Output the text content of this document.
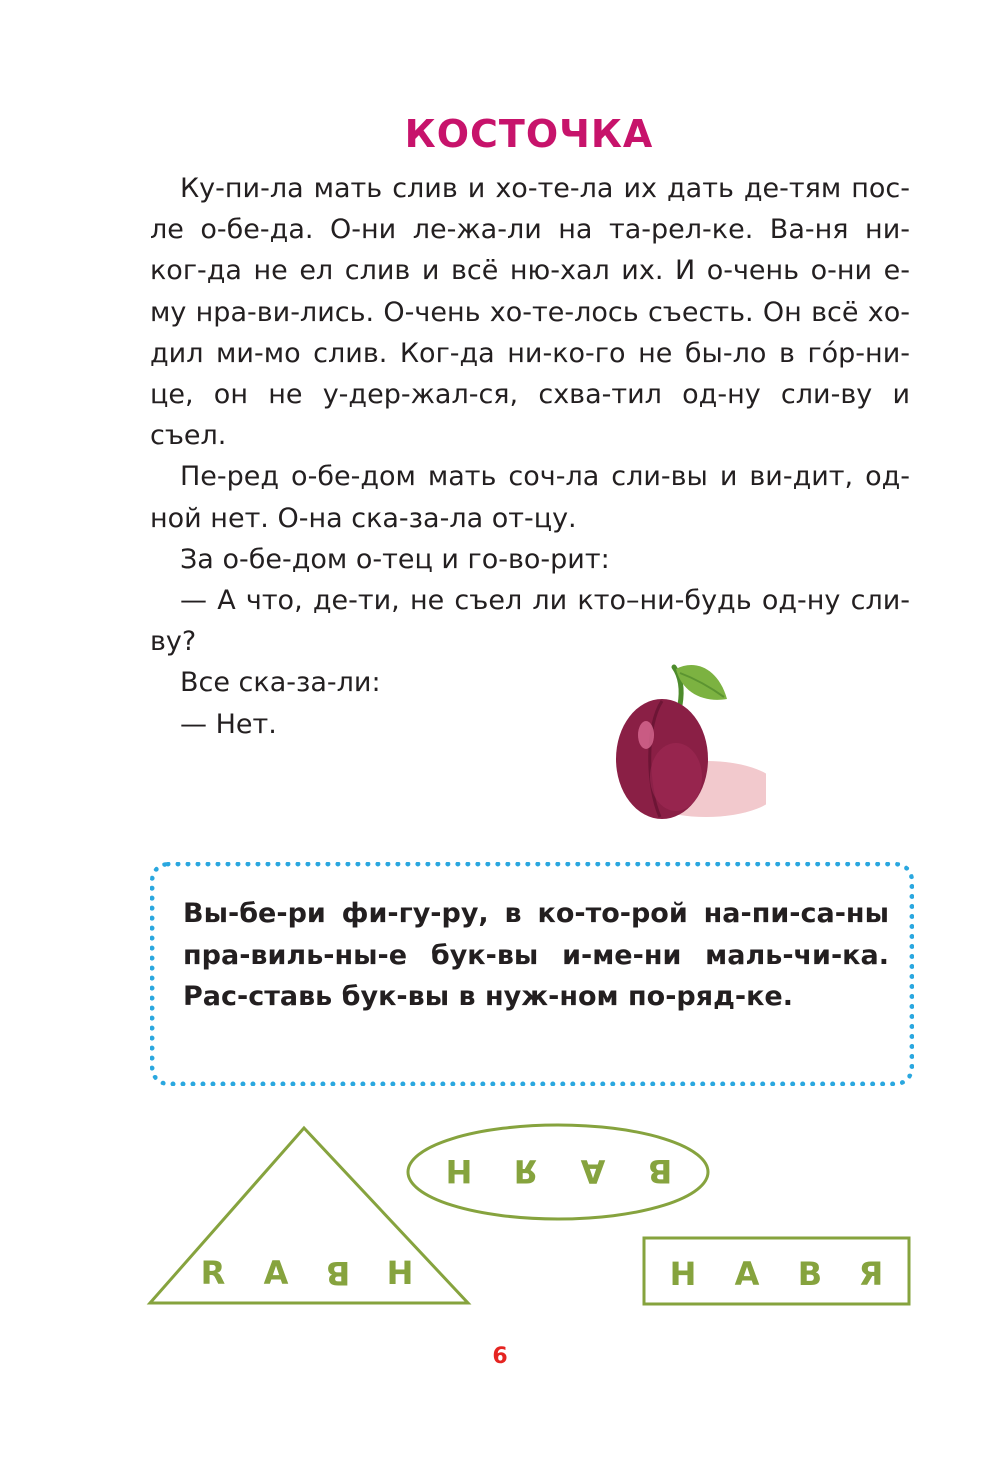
КОСТОЧКА

Ку-пи-ла мать слив и хо-те-ла их дать де-тям пос-ле о-бе-да. О-ни ле-жа-ли на та-рел-ке. Ва-ня ни-ког-да не ел слив и всё ню-хал их. И о-чень о-ни е-му нра-ви-лись. О-чень хо-те-лось съесть. Он всё хо-дил ми-мо слив. Ког-да ни-ко-го не бы-ло в го́р-ни-це, он не у-дер-жал-ся, схва-тил од-ну сли-ву и съел.

Пе-ред о-бе-дом мать соч-ла сли-вы и ви-дит, од-ной нет. О-на ска-за-ла от-цу.

За о-бе-дом о-тец и го-во-рит:

— А что, де-ти, не съел ли кто–ни-будь од-ну сли-ву?

Все ска-за-ли:

— Нет.

Вы-бе-ри фи-гу-ру, в ко-то-рой на-пи-са-ны пра-виль-ны-е бук-вы и-ме-ни маль-чи-ка. Рас-ставь бук-вы в нуж-ном по-ряд-ке.

R А В Н
В
А
Я
Н
Н А В Я
6
